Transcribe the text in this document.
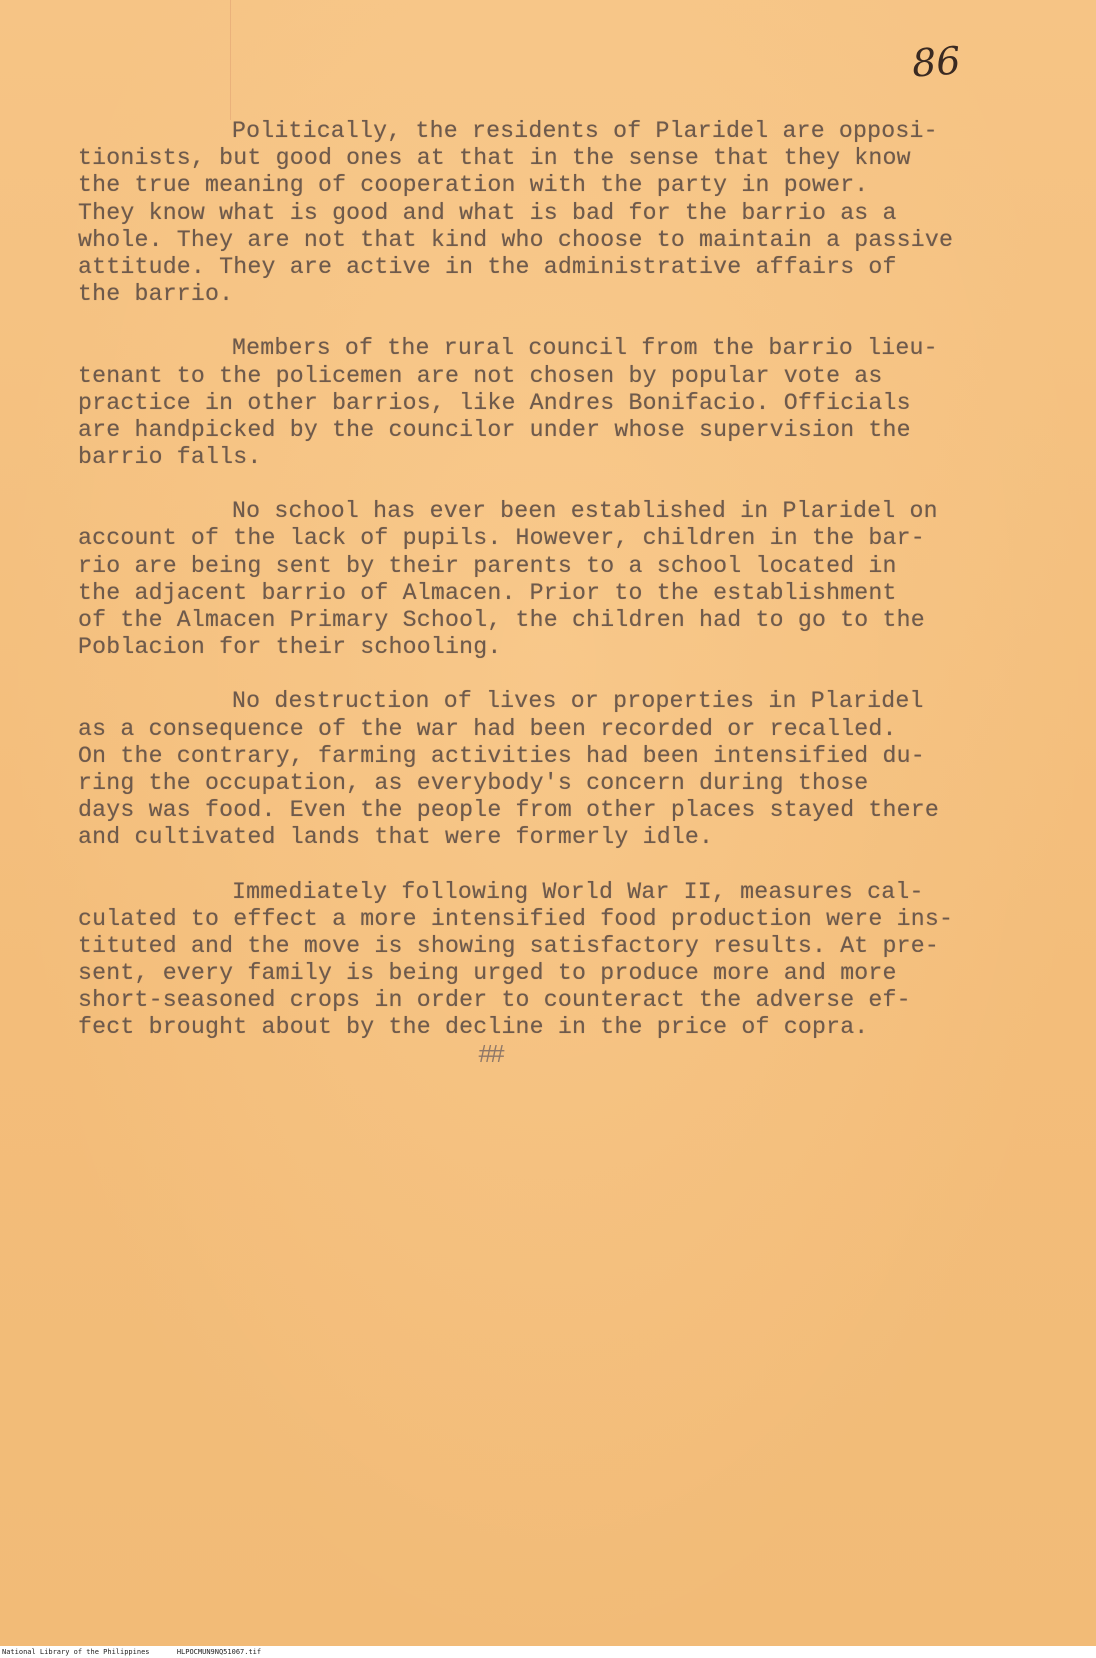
86
Politically, the residents of Plaridel are opposi-
tionists, but good ones at that in the sense that they know
the true meaning of cooperation with the party in power.
They know what is good and what is bad for the barrio as a
whole. They are not that kind who choose to maintain a passive
attitude. They are active in the administrative affairs of
the barrio.
Members of the rural council from the barrio lieu-
tenant to the policemen are not chosen by popular vote as
practice in other barrios, like Andres Bonifacio. Officials
are handpicked by the councilor under whose supervision the
barrio falls.
No school has ever been established in Plaridel on
account of the lack of pupils. However, children in the bar-
rio are being sent by their parents to a school located in
the adjacent barrio of Almacen. Prior to the establishment
of the Almacen Primary School, the children had to go to the
Poblacion for their schooling.
No destruction of lives or properties in Plaridel
as a consequence of the war had been recorded or recalled.
On the contrary, farming activities had been intensified du-
ring the occupation, as everybody's concern during those
days was food. Even the people from other places stayed there
and cultivated lands that were formerly idle.
Immediately following World War II, measures cal-
culated to effect a more intensified food production were ins-
tituted and the move is showing satisfactory results. At pre-
sent, every family is being urged to produce more and more
short-seasoned crops in order to counteract the adverse ef-
fect brought about by the decline in the price of copra.
##
National Library of the Philippines	HLPOCMUN9NQ51067.tif
